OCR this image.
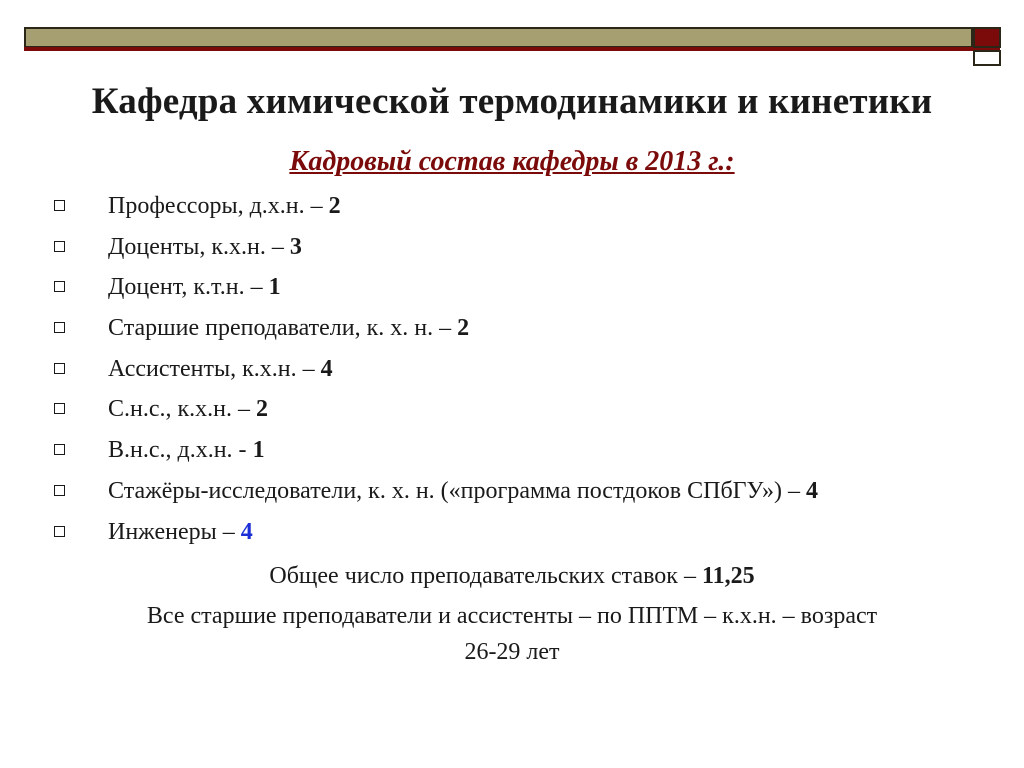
Кафедра химической термодинамики и кинетики
Кадровый состав кафедры в 2013 г.:
Профессоры, д.х.н. – 2
Доценты, к.х.н. – 3
Доцент, к.т.н. – 1
Старшие преподаватели, к. х. н. – 2
Ассистенты, к.х.н. – 4
С.н.с., к.х.н. – 2
В.н.с., д.х.н. - 1
Стажёры-исследователи, к. х. н. («программа постдоков СПбГУ») – 4
Инженеры – 4
Общее число преподавательских ставок – 11,25
Все старшие преподаватели и ассистенты – по ППТМ – к.х.н. – возраст
26-29 лет
